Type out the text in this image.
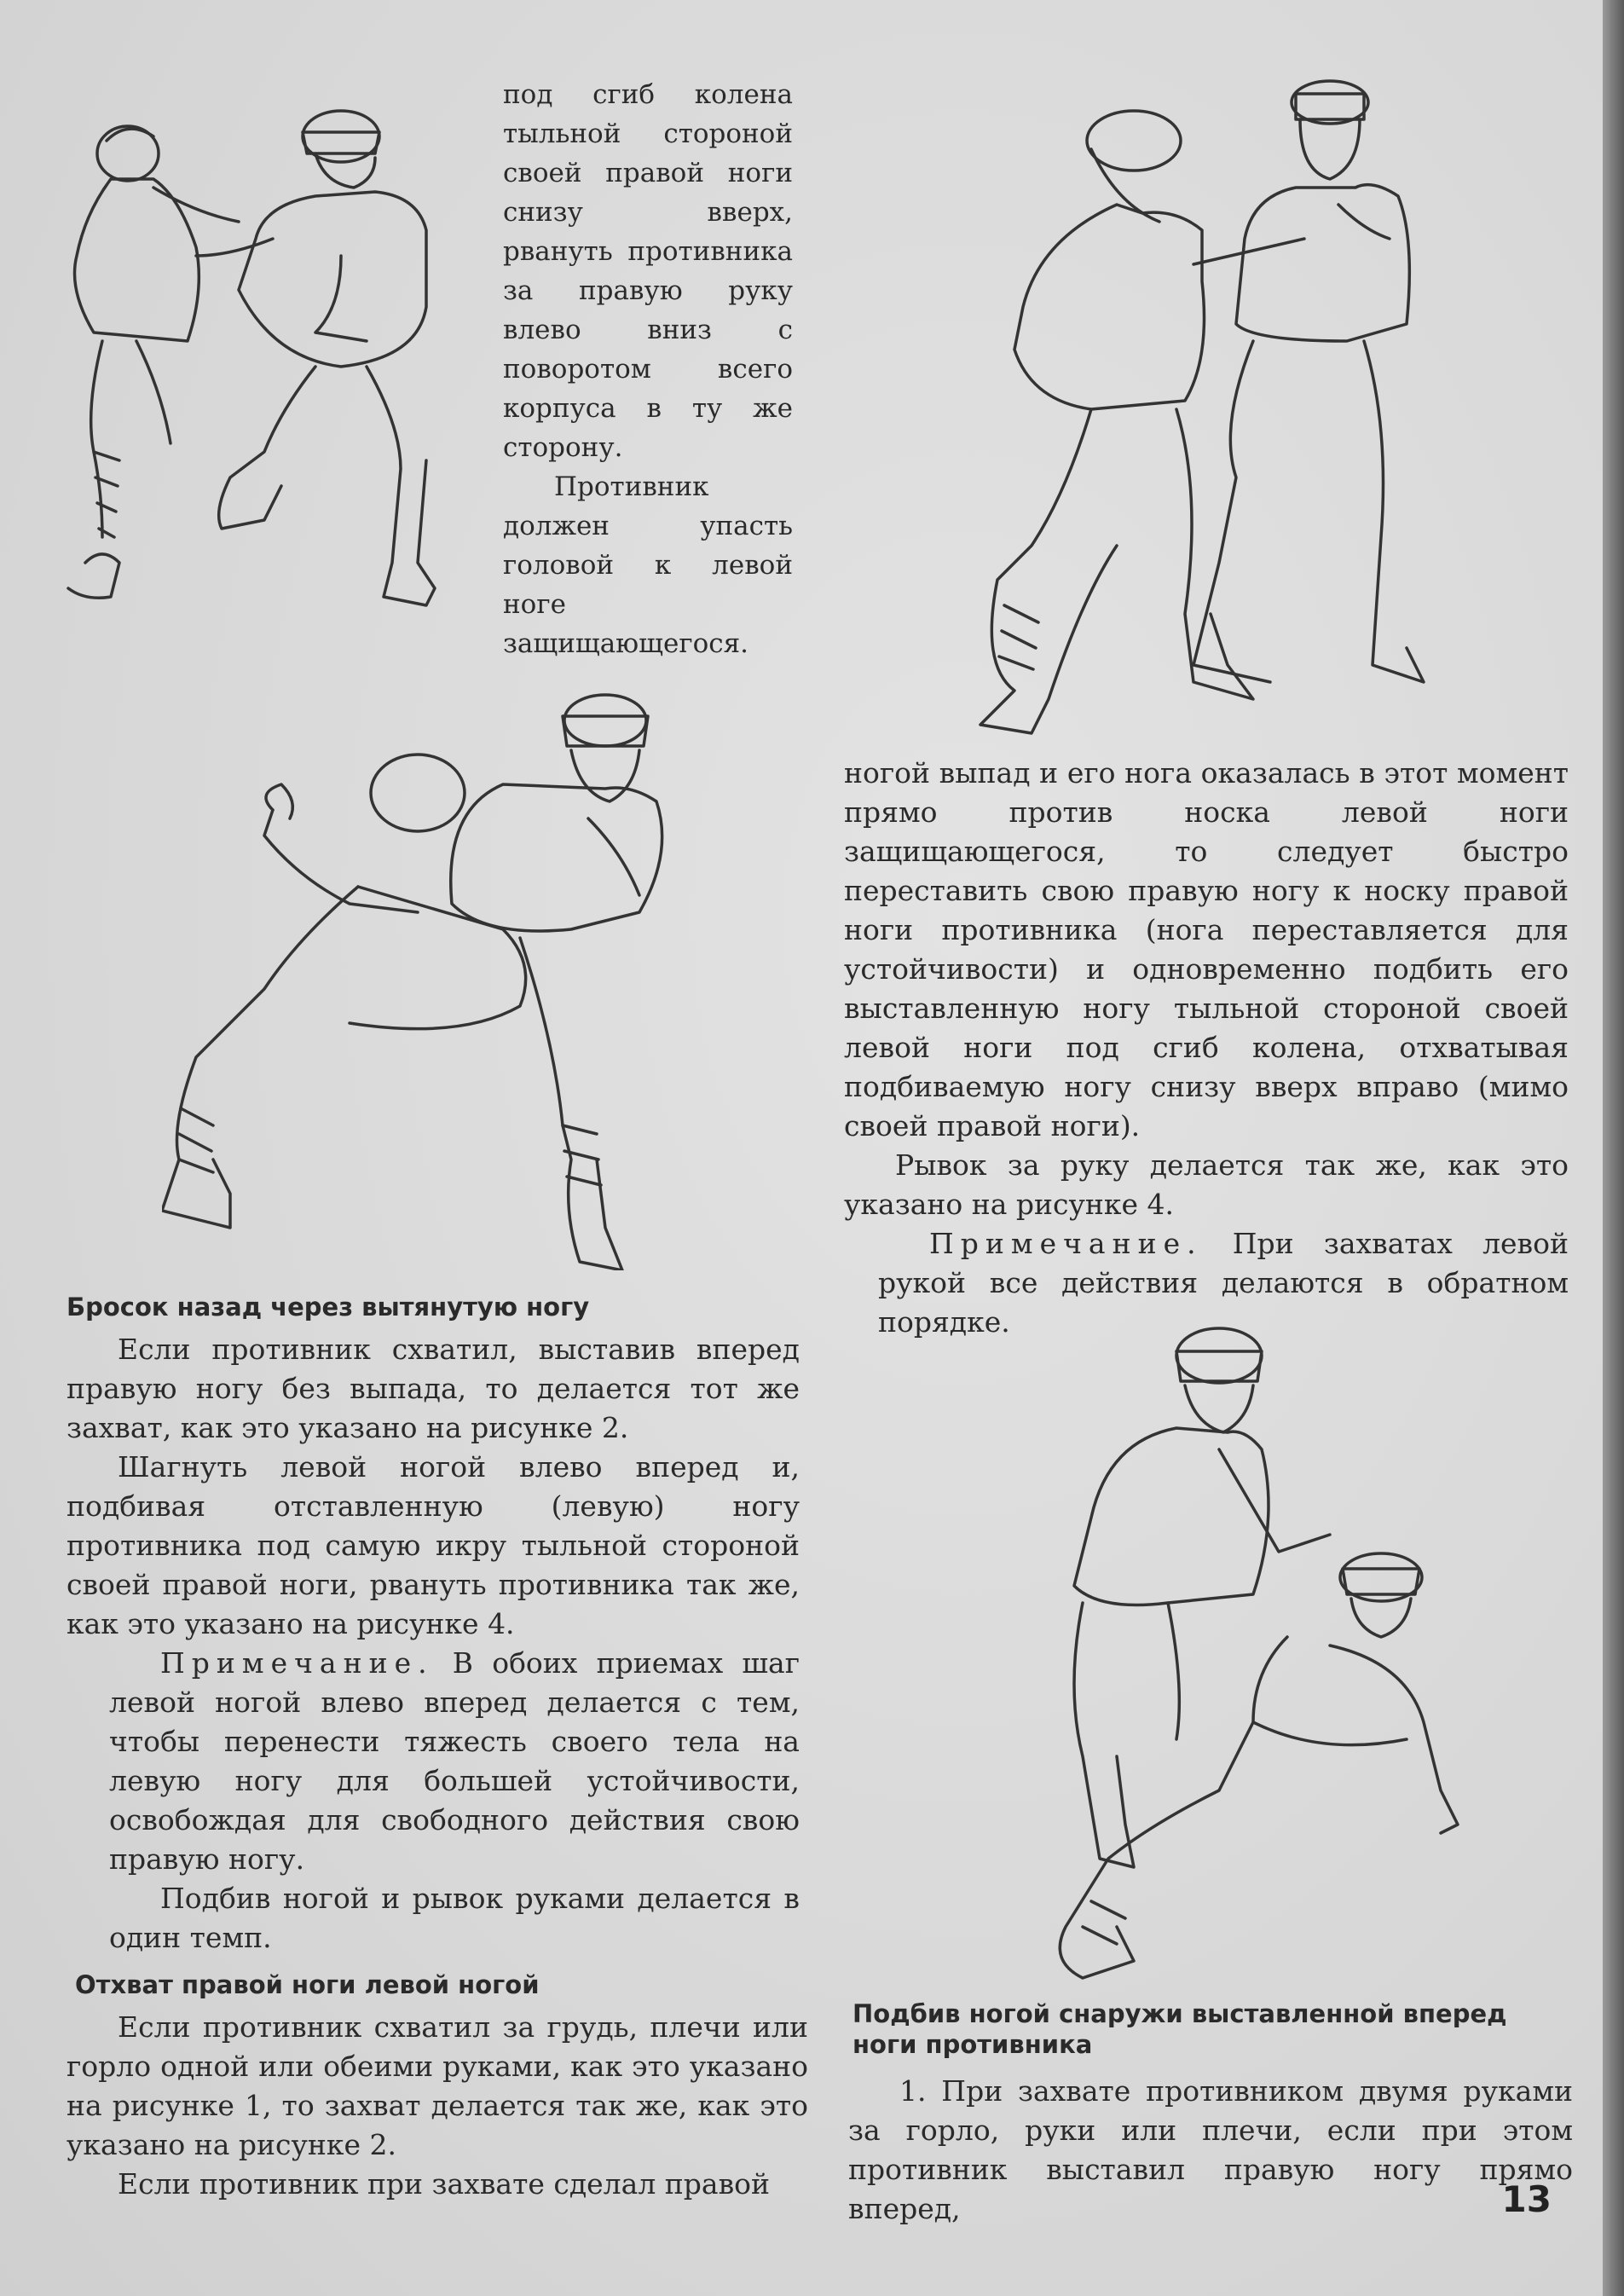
под сгиб колена тыльной стороной своей правой ноги снизу вверх, рвануть противника за правую руку влево вниз с поворотом всего корпуса в ту же сторону.

Противник должен упасть головой к левой ноге защищающегося.

ногой выпад и его нога оказалась в этот момент прямо против носка левой ноги защищающегося, то следует быстро переставить свою правую ногу к носку правой ноги противника (нога переставляется для устойчивости) и одновременно подбить его выставленную ногу тыльной стороной своей левой ноги под сгиб колена, отхватывая подбиваемую ногу снизу вверх вправо (мимо своей правой ноги).

Рывок за руку делается так же, как это указано на рисунке 4.

Примечание. При захватах левой рукой все действия делаются в обратном порядке.

Бросок назад через вытянутую ногу

Если противник схватил, выставив вперед правую ногу без выпада, то делается тот же захват, как это указано на рисунке 2.

Шагнуть левой ногой влево вперед и, подбивая отставленную (левую) ногу противника под самую икру тыльной стороной своей правой ноги, рвануть противника так же, как это указано на рисунке 4.

Примечание. В обоих приемах шаг левой ногой влево вперед делается с тем, чтобы перенести тяжесть своего тела на левую ногу для большей устойчивости, освобождая для свободного действия свою правую ногу.

Подбив ногой и рывок руками делается в один темп.

Отхват правой ноги левой ногой

Если противник схватил за грудь, плечи или горло одной или обеими руками, как это указано на рисунке 1, то захват делается так же, как это указано на рисунке 2.

Если противник при захвате сделал правой

Подбив ногой снаружи выставленной вперед ноги противника

1. При захвате противником двумя руками за горло, руки или плечи, если при этом противник выставил правую ногу прямо вперед,	13
